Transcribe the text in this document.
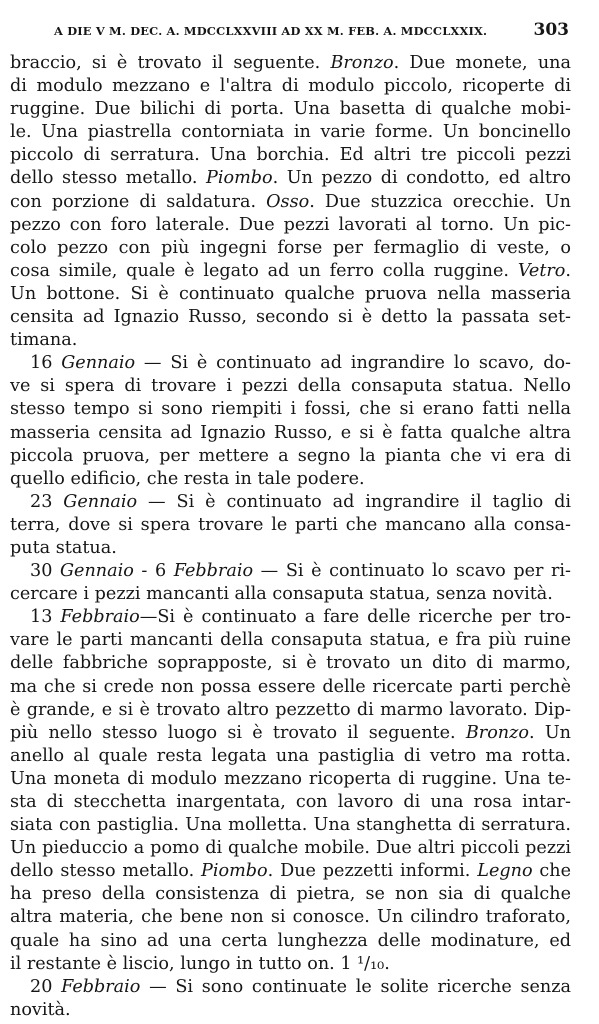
A DIE V M. DEC. A. MDCCLXXVIII AD XX M. FEB. A. MDCCLXXIX.	303
braccio, si è trovato il seguente. Bronzo. Due monete, una
di modulo mezzano e l'altra di modulo piccolo, ricoperte di
ruggine. Due bilichi di porta. Una basetta di qualche mobi-
le. Una piastrella contorniata in varie forme. Un boncinello
piccolo di serratura. Una borchia. Ed altri tre piccoli pezzi
dello stesso metallo. Piombo. Un pezzo di condotto, ed altro
con porzione di saldatura. Osso. Due stuzzica orecchie. Un
pezzo con foro laterale. Due pezzi lavorati al torno. Un pic-
colo pezzo con più ingegni forse per fermaglio di veste, o
cosa simile, quale è legato ad un ferro colla ruggine. Vetro.
Un bottone. Si è continuato qualche pruova nella masseria
censita ad Ignazio Russo, secondo si è detto la passata set-
timana.
16 Gennaio — Si è continuato ad ingrandire lo scavo, do-
ve si spera di trovare i pezzi della consaputa statua. Nello
stesso tempo si sono riempiti i fossi, che si erano fatti nella
masseria censita ad Ignazio Russo, e si è fatta qualche altra
piccola pruova, per mettere a segno la pianta che vi era di
quello edificio, che resta in tale podere.
23 Gennaio — Si è continuato ad ingrandire il taglio di
terra, dove si spera trovare le parti che mancano alla consa-
puta statua.
30 Gennaio - 6 Febbraio — Si è continuato lo scavo per ri-
cercare i pezzi mancanti alla consaputa statua, senza novità.
13 Febbraio—Si è continuato a fare delle ricerche per tro-
vare le parti mancanti della consaputa statua, e fra più ruine
delle fabbriche soprapposte, si è trovato un dito di marmo,
ma che si crede non possa essere delle ricercate parti perchè
è grande, e si è trovato altro pezzetto di marmo lavorato. Dip-
più nello stesso luogo si è trovato il seguente. Bronzo. Un
anello al quale resta legata una pastiglia di vetro ma rotta.
Una moneta di modulo mezzano ricoperta di ruggine. Una te-
sta di stecchetta inargentata, con lavoro di una rosa intar-
siata con pastiglia. Una molletta. Una stanghetta di serratura.
Un pieduccio a pomo di qualche mobile. Due altri piccoli pezzi
dello stesso metallo. Piombo. Due pezzetti informi. Legno che
ha preso della consistenza di pietra, se non sia di qualche
altra materia, che bene non si conosce. Un cilindro traforato,
quale ha sino ad una certa lunghezza delle modinature, ed
il restante è liscio, lungo in tutto on. 1 ¹/₁₀.
20 Febbraio — Si sono continuate le solite ricerche senza
novità.
